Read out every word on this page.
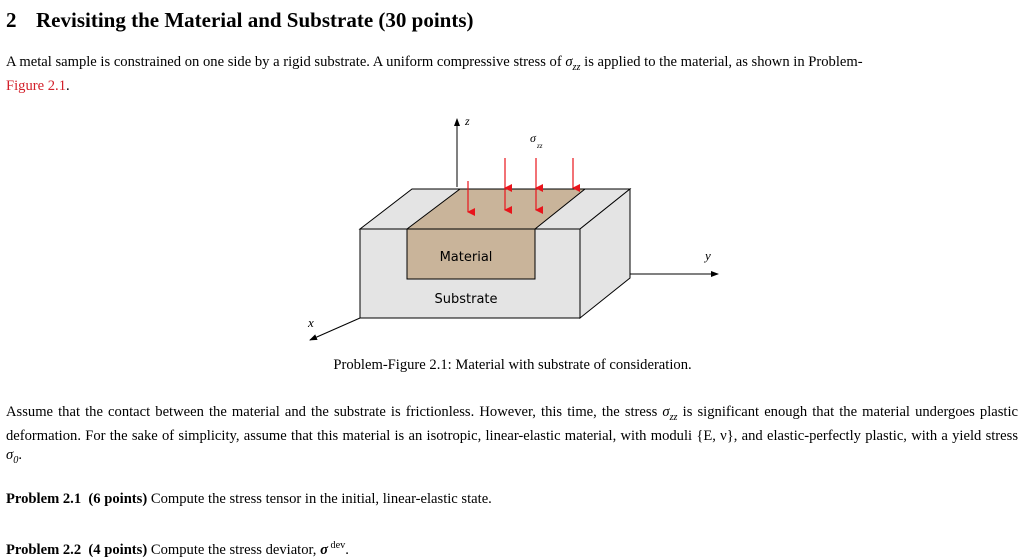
2 Revisiting the Material and Substrate (30 points)

A metal sample is constrained on one side by a rigid substrate. A uniform compressive stress of $\sigma_{zz}$ is applied to the material, as shown in Problem-
Figure 2.1.

z
σ
zz
Material
Substrate
y
x

Problem-Figure 2.1: Material with substrate of consideration.

Assume that the contact between the material and the substrate is frictionless. However, this time, the stress $\sigma_{zz}$ is significant enough that the material undergoes plastic deformation. For the sake of simplicity, assume that this material is an isotropic, linear-elastic material, with moduli {E, ν}, and elastic-perfectly plastic, with a yield stress $\sigma_0$.

Problem 2.1 (6 points) Compute the stress tensor in the initial, linear-elastic state.

Problem 2.2 (4 points) Compute the stress deviator, σ $^{dev}$.
